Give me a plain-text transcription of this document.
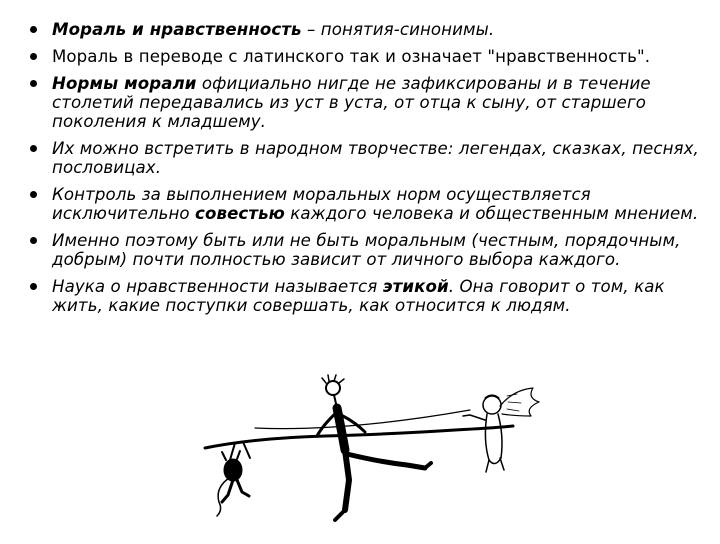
Мораль и нравственность – понятия-синонимы.
Мораль в переводе с латинского так и означает "нравственность".
Нормы морали официально нигде не зафиксированы и в течение столетий передавались из уст в уста, от отца к сыну, от старшего поколения к младшему.
Их можно встретить в народном творчестве: легендах, сказках, песнях, пословицах.
Контроль за выполнением моральных норм осуществляется исключительно совестью каждого человека и общественным мнением.
Именно поэтому быть или не быть моральным (честным, порядочным, добрым) почти полностью зависит от личного выбора каждого.
Наука о нравственности называется этикой. Она говорит о том, как жить, какие поступки совершать, как относится к людям.
